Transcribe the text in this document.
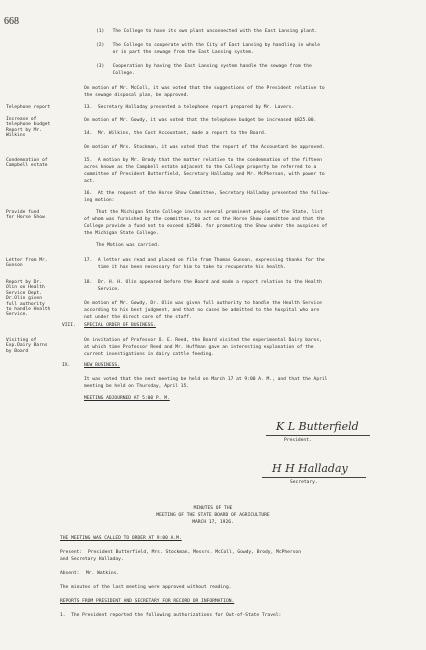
668
(1)   The College to have its own plant unconnected with the East Lansing plant.
(2)   The College to cooperate with the City of East Lansing by handling in whole
or in part the sewage from the East Lansing system.
(3)   Cooperation by having the East Lansing system handle the sewage from the
College.
On motion of Mr. McColl, it was voted that the suggestions of the President relative to
the sewage disposal plan, be approved.
Telephone report	13.  Secretary Halladay presented a telephone report prepared by Mr. Lavers.
Increase of
telephone budget
Report by Mr.
Wilkins
On motion of Mr. Gowdy, it was voted that the telephone budget be increased $825.00.
14.  Mr. Wilkins, the Cost Accountant, made a report to the Board.
On motion of Mrs. Stockman, it was voted that the report of the Accountant be approved.
Condemnation of
Campbell estate
15.  A motion by Mr. Brody that the matter relative to the condemnation of the fifteen
acres known as the Campbell estate adjacent to the College property be referred to a
committee of President Butterfield, Secretary Halladay and Mr. McPherson, with power to
act.
16.  At the request of the Horse Show Committee, Secretary Halladay presented the follow-
ing motion:
Provide fund
for Horse Show
That the Michigan State College invite several prominent people of the State, list
of whom was furnished by the committee, to act on the Horse Show committee and that the
College provide a fund not to exceed $2500. for promoting the Show under the auspices of
the Michigan State College.
The Motion was carried.
Letter from Mr.
Gunson
17.  A letter was read and placed on file from Thomas Gunson, expressing thanks for the
time it has been necessary for him to take to recuperate his health.
Report by Dr.
Olin on Health
Service Dept.
Dr.Olin given
full authority
to handle Health
Service.
18.  Dr. H. H. Olin appeared before the Board and made a report relative to the Health
Service.
On motion of Mr. Gowdy, Dr. Olin was given full authority to handle the Health Service
according to his best judgment, and that no cases be admitted to the hospital who are
not under the direct care of the staff.
VIII. SPECIAL ORDER OF BUSINESS.
Visiting of
Exp.Dairy Barns
by Board
On invitation of Professor O. E. Reed, the Board visited the experimental Dairy barns,
at which time Professor Reed and Mr. Huffman gave an interesting explanation of the
current investigations in dairy cattle feeding.
IX.	NEW BUSINESS.
It was voted that the next meeting be held on March 17 at 9:00 A. M., and that the April
meeting be held on Thursday, April 15.
MEETING ADJOURNED AT 5:00 P. M.
K L Butterfield
President.
H H Halladay
Secretary.
MINUTES OF THE
MEETING OF THE STATE BOARD OF AGRICULTURE
MARCH 17, 1926.
THE MEETING WAS CALLED TO ORDER AT 9:00 A.M.
Present: President Butterfield, Mrs. Stockman, Messrs. McColl, Gowdy, Brody, McPherson
and Secretary Halladay.
Absent: Mr. Watkins.
The minutes of the last meeting were approved without reading.
REPORTS FROM PRESIDENT AND SECRETARY FOR RECORD OR INFORMATION.
1.  The President reported the following authorizations for Out-of-State Travel:
